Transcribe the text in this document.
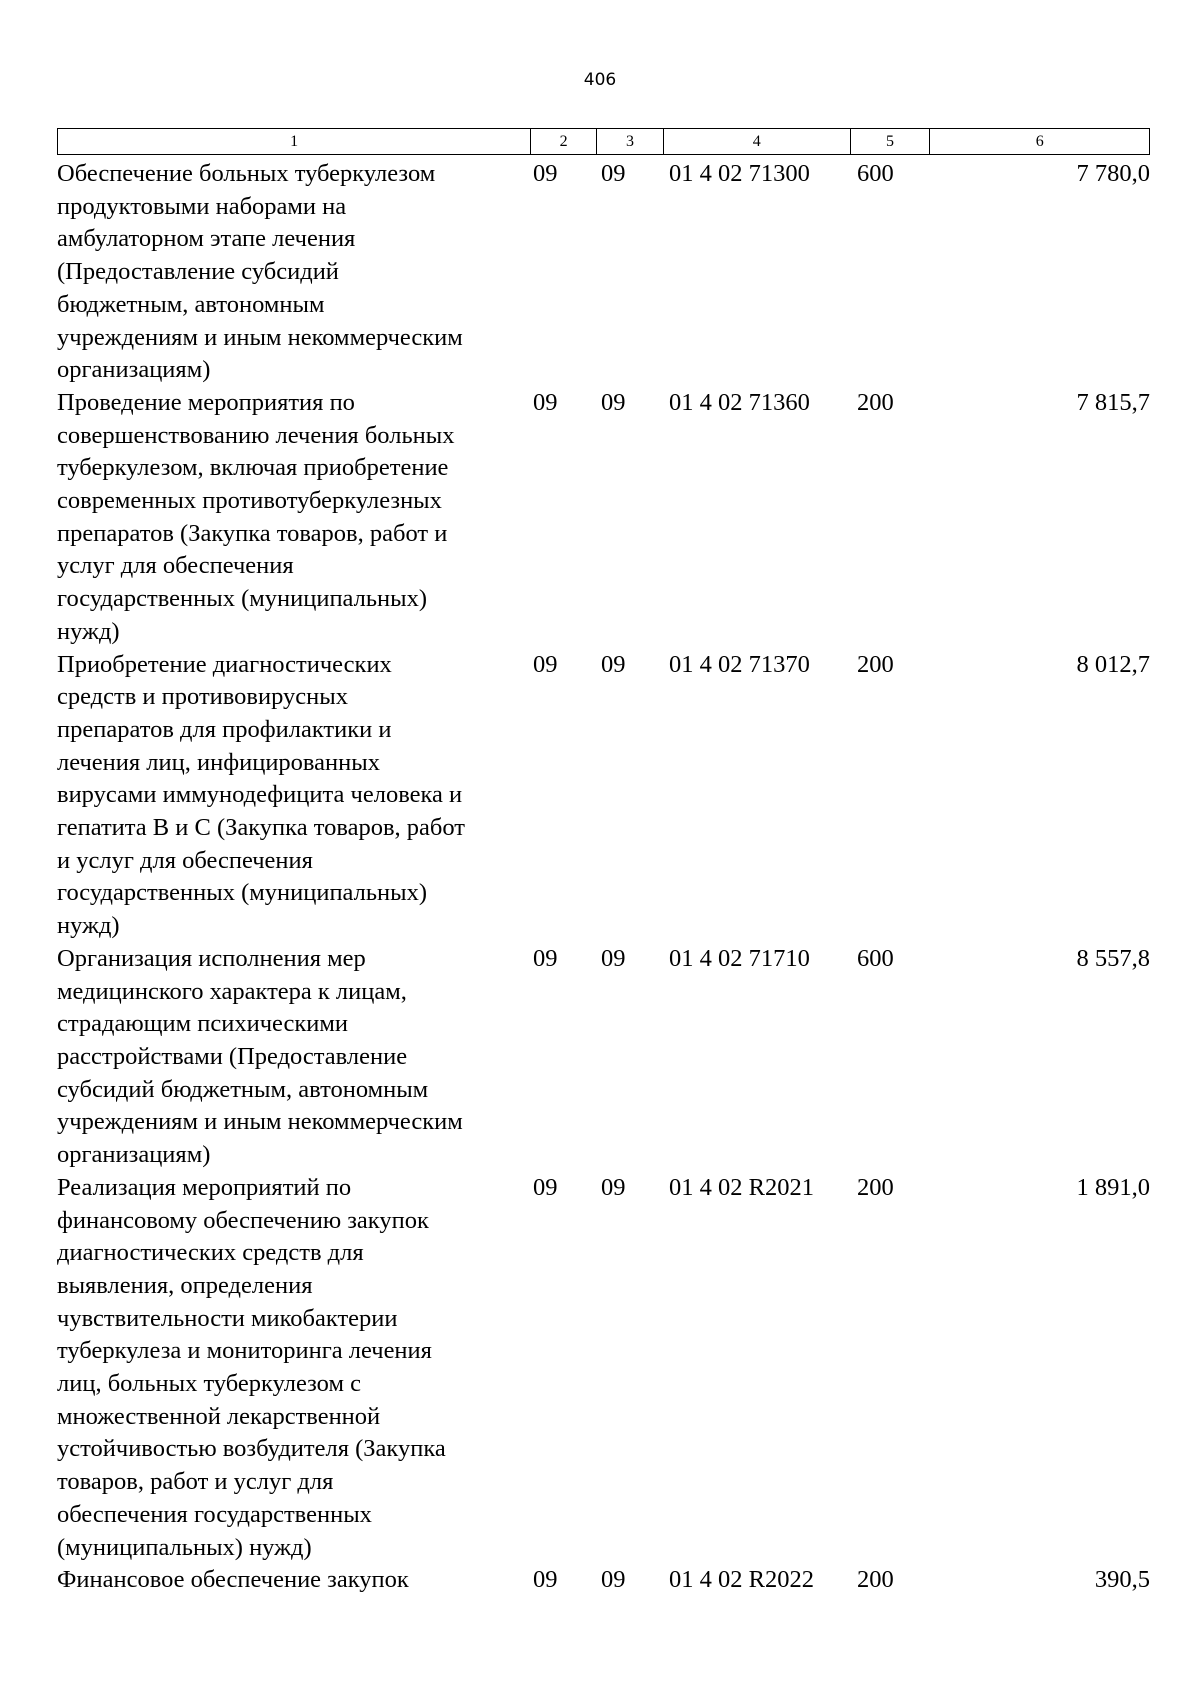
406
1	2	3	4	5	6
Обеспечение больных туберкулезом
продуктовыми наборами на
амбулаторном этапе лечения
(Предоставление субсидий
бюджетным, автономным
учреждениям и иным некоммерческим
организациям)
09	09	01 4 02 71300	600	7 780,0
Проведение мероприятия по
совершенствованию лечения больных
туберкулезом, включая приобретение
современных противотуберкулезных
препаратов (Закупка товаров, работ и
услуг для обеспечения
государственных (муниципальных)
нужд)
09	09	01 4 02 71360	200	7 815,7
Приобретение диагностических
средств и противовирусных
препаратов для профилактики и
лечения лиц, инфицированных
вирусами иммунодефицита человека и
гепатита В и С (Закупка товаров, работ
и услуг для обеспечения
государственных (муниципальных)
нужд)
09	09	01 4 02 71370	200	8 012,7
Организация исполнения мер
медицинского характера к лицам,
страдающим психическими
расстройствами (Предоставление
субсидий бюджетным, автономным
учреждениям и иным некоммерческим
организациям)
09	09	01 4 02 71710	600	8 557,8
Реализация мероприятий по
финансовому обеспечению закупок
диагностических средств для
выявления, определения
чувствительности микобактерии
туберкулеза и мониторинга лечения
лиц, больных туберкулезом с
множественной лекарственной
устойчивостью возбудителя (Закупка
товаров, работ и услуг для
обеспечения государственных
(муниципальных) нужд)
09	09	01 4 02 R2021	200	1 891,0
Финансовое обеспечение закупок	09	09	01 4 02 R2022	200	390,5
